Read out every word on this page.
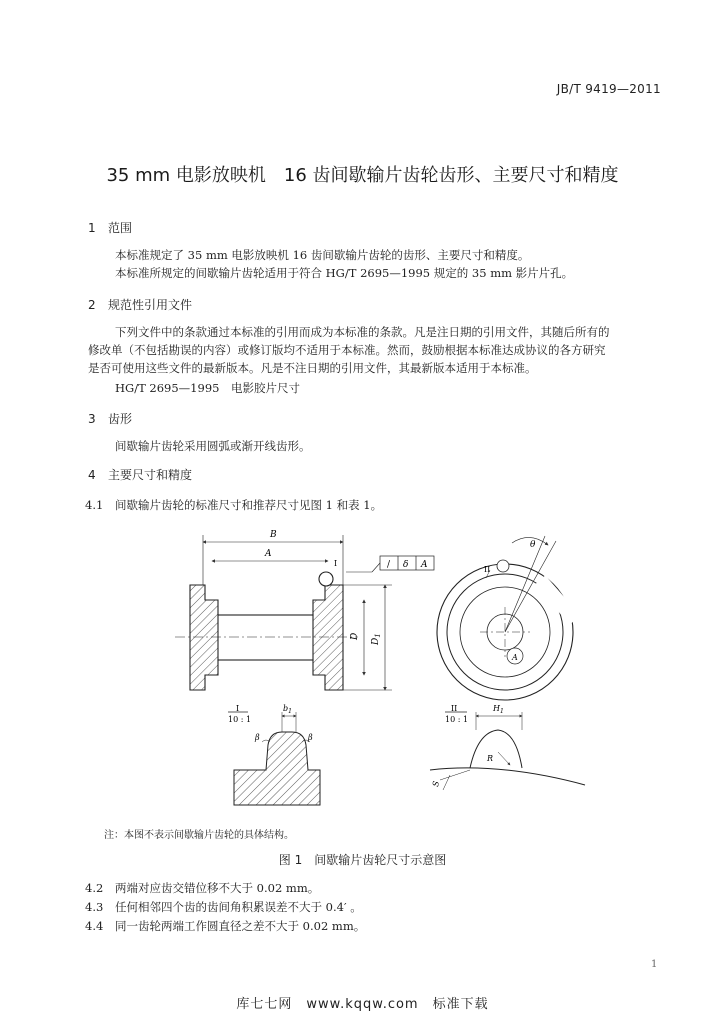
JB/T 9419—2011
35 mm 电影放映机　16 齿间歇输片齿轮齿形、主要尺寸和精度
1 范围
本标准规定了 35 mm 电影放映机 16 齿间歇输片齿轮的齿形、主要尺寸和精度。
本标准所规定的间歇输片齿轮适用于符合 HG/T 2695—1995 规定的 35 mm 影片片孔。
2 规范性引用文件
下列文件中的条款通过本标准的引用而成为本标准的条款。凡是注日期的引用文件，其随后所有的
修改单（不包括勘误的内容）或修订版均不适用于本标准。然而，鼓励根据本标准达成协议的各方研究
是否可使用这些文件的最新版本。凡是不注日期的引用文件，其最新版本适用于本标准。
HG/T 2695—1995　电影胶片尺寸
3 齿形
间歇输片齿轮采用圆弧或渐开线齿形。
4 主要尺寸和精度
4.1 间歇输片齿轮的标准尺寸和推荐尺寸见图 1 和表 1。
B
A
D
$D_1$
I	/ δ A
θ
II
A
I
10 : 1
$b_1$
β	β
II
10 : 1
$H_1$
R
S
注：本图不表示间歇输片齿轮的具体结构。
图 1　间歇输片齿轮尺寸示意图
4.2 两端对应齿交错位移不大于 0.02 mm。
4.3 任何相邻四个齿的齿间角积累误差不大于 0.4′ 。
4.4 同一齿轮两端工作圆直径之差不大于 0.02 mm。
1
库七七网　www.kqqw.com　标准下载
